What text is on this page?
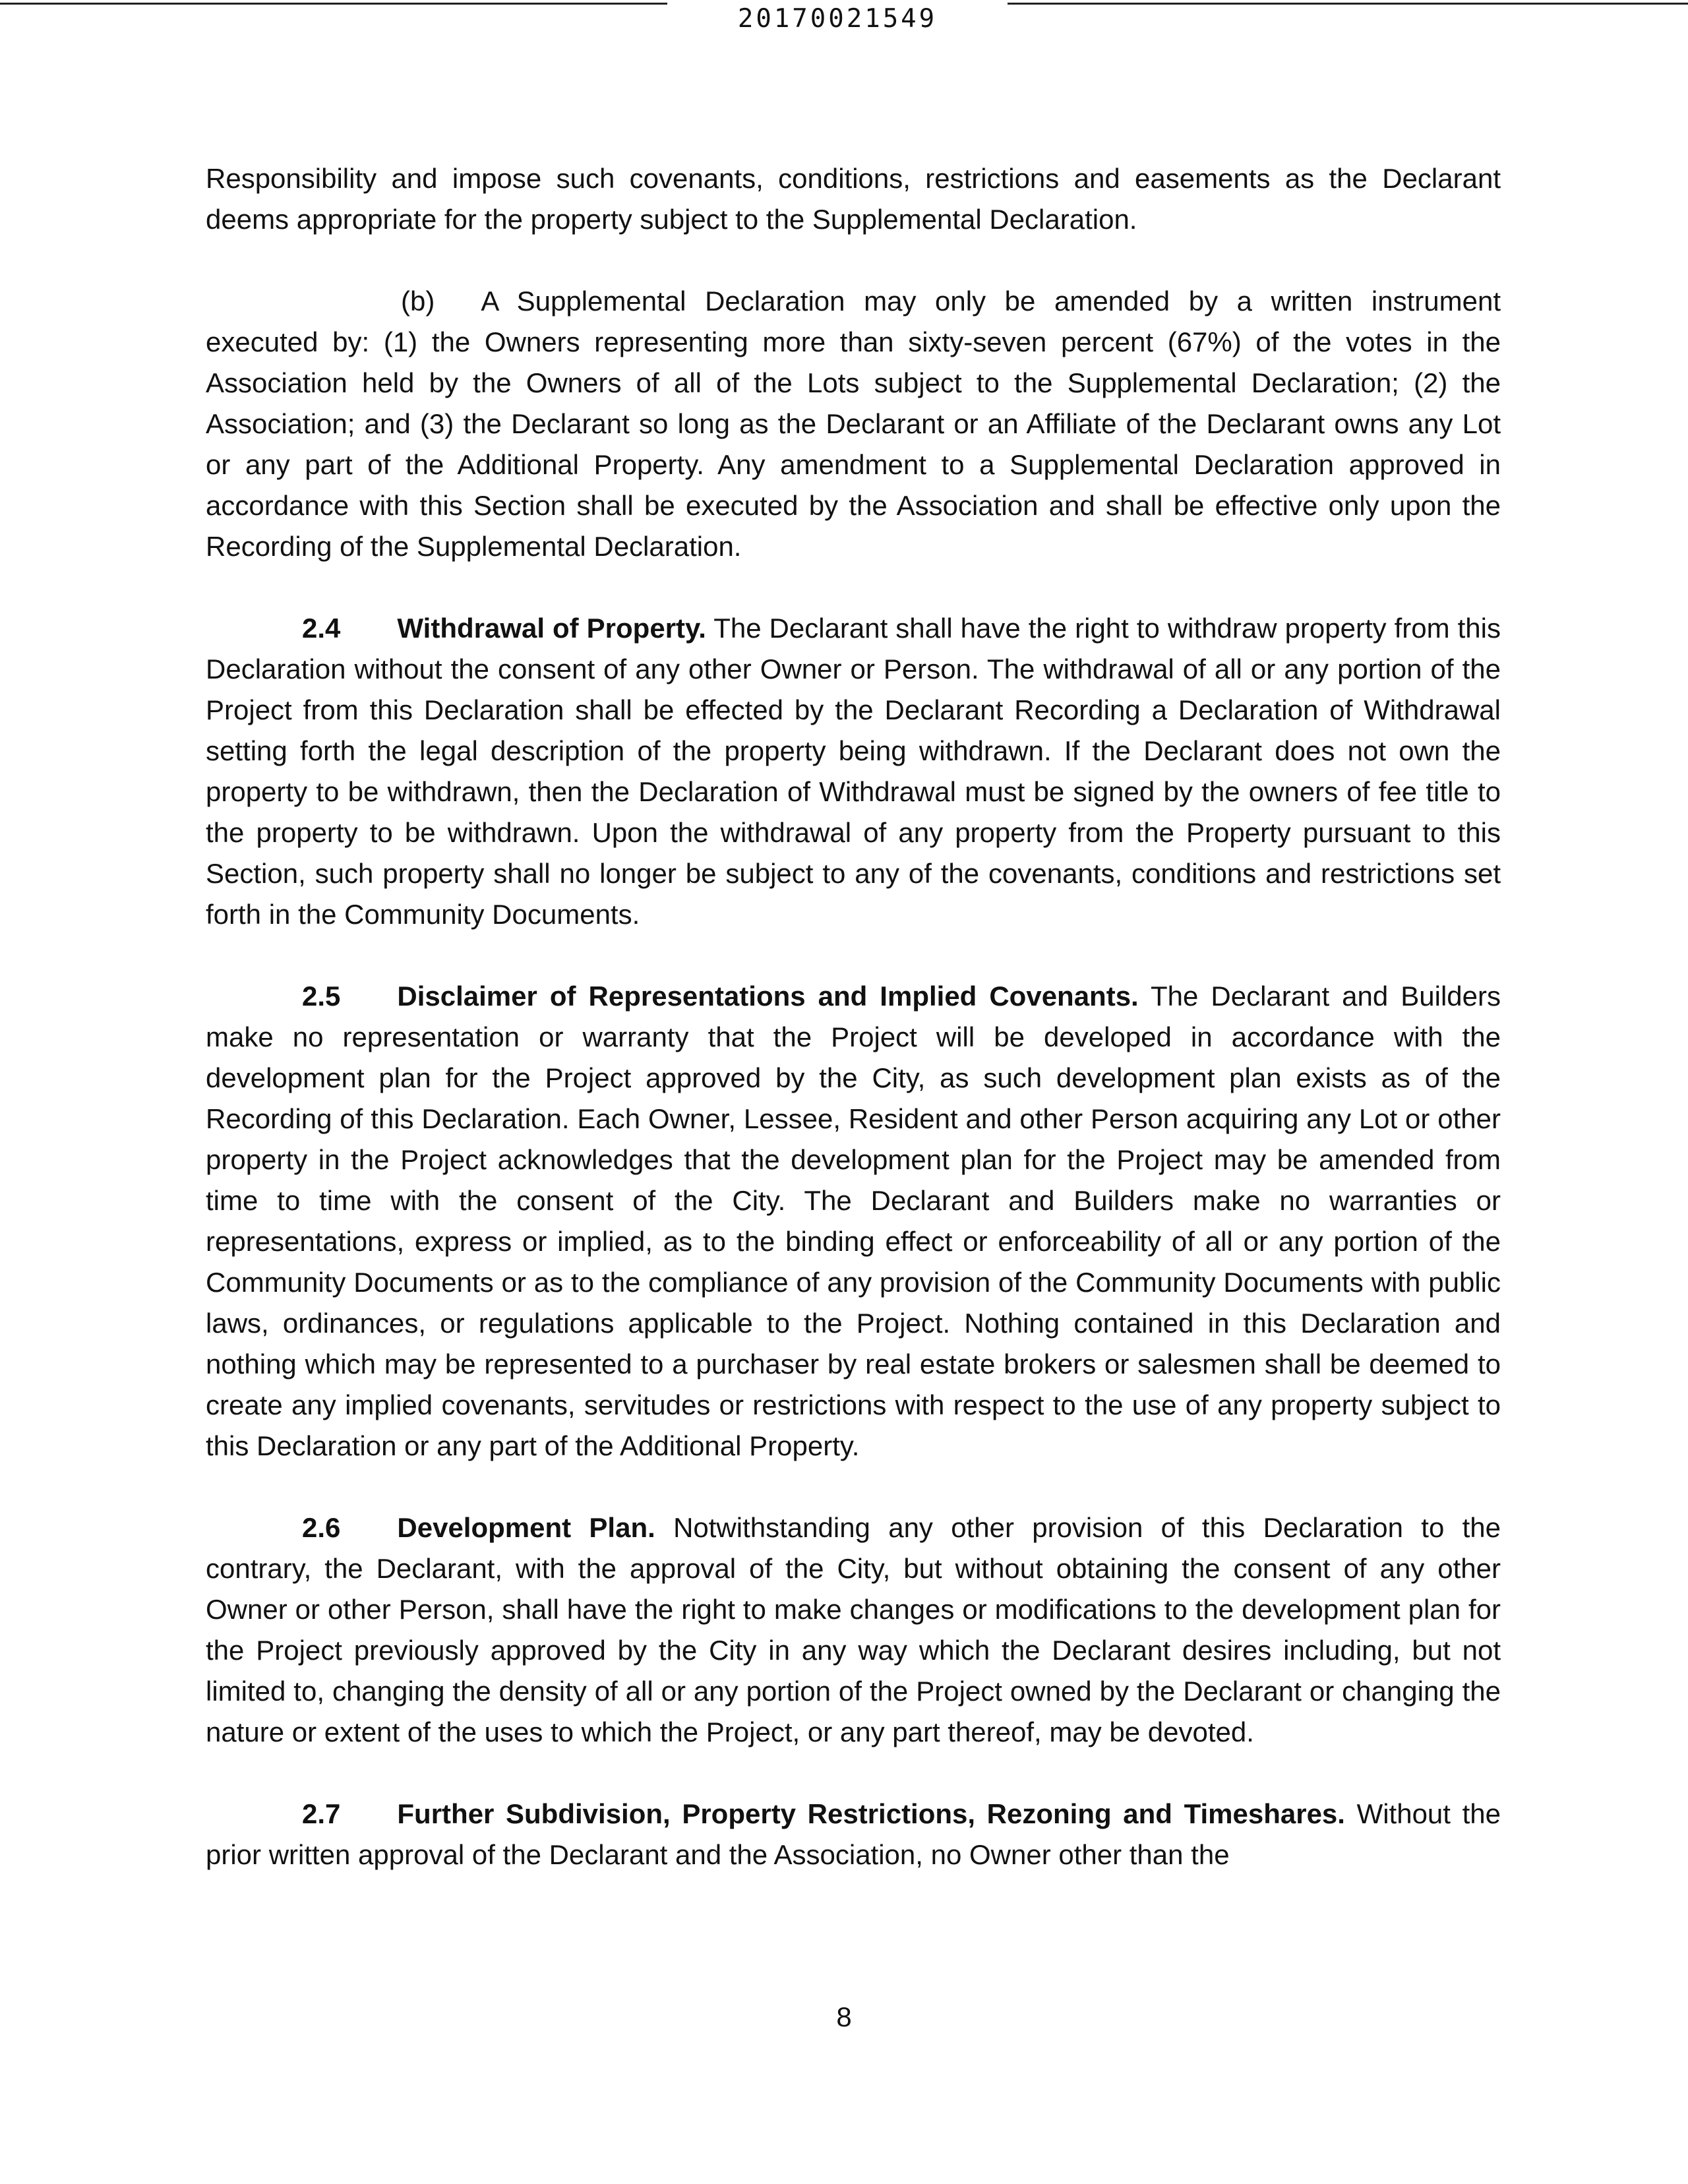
20170021549

Responsibility and impose such covenants, conditions, restrictions and easements as the Declarant deems appropriate for the property subject to the Supplemental Declaration.

(b) A Supplemental Declaration may only be amended by a written instrument executed by: (1) the Owners representing more than sixty-seven percent (67%) of the votes in the Association held by the Owners of all of the Lots subject to the Supplemental Declaration; (2) the Association; and (3) the Declarant so long as the Declarant or an Affiliate of the Declarant owns any Lot or any part of the Additional Property. Any amendment to a Supplemental Declaration approved in accordance with this Section shall be executed by the Association and shall be effective only upon the Recording of the Supplemental Declaration.

2.4 Withdrawal of Property. The Declarant shall have the right to withdraw property from this Declaration without the consent of any other Owner or Person. The withdrawal of all or any portion of the Project from this Declaration shall be effected by the Declarant Recording a Declaration of Withdrawal setting forth the legal description of the property being withdrawn. If the Declarant does not own the property to be withdrawn, then the Declaration of Withdrawal must be signed by the owners of fee title to the property to be withdrawn. Upon the withdrawal of any property from the Property pursuant to this Section, such property shall no longer be subject to any of the covenants, conditions and restrictions set forth in the Community Documents.

2.5 Disclaimer of Representations and Implied Covenants. The Declarant and Builders make no representation or warranty that the Project will be developed in accordance with the development plan for the Project approved by the City, as such development plan exists as of the Recording of this Declaration. Each Owner, Lessee, Resident and other Person acquiring any Lot or other property in the Project acknowledges that the development plan for the Project may be amended from time to time with the consent of the City. The Declarant and Builders make no warranties or representations, express or implied, as to the binding effect or enforceability of all or any portion of the Community Documents or as to the compliance of any provision of the Community Documents with public laws, ordinances, or regulations applicable to the Project. Nothing contained in this Declaration and nothing which may be represented to a purchaser by real estate brokers or salesmen shall be deemed to create any implied covenants, servitudes or restrictions with respect to the use of any property subject to this Declaration or any part of the Additional Property.

2.6 Development Plan. Notwithstanding any other provision of this Declaration to the contrary, the Declarant, with the approval of the City, but without obtaining the consent of any other Owner or other Person, shall have the right to make changes or modifications to the development plan for the Project previously approved by the City in any way which the Declarant desires including, but not limited to, changing the density of all or any portion of the Project owned by the Declarant or changing the nature or extent of the uses to which the Project, or any part thereof, may be devoted.

2.7 Further Subdivision, Property Restrictions, Rezoning and Timeshares. Without the prior written approval of the Declarant and the Association, no Owner other than the

8
